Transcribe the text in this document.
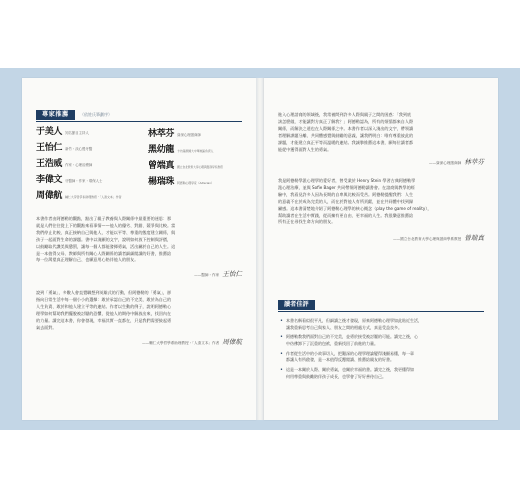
專家推薦	（依姓氏筆劃序）
于美人 知名節目主持人
王怡仁 新竹・淡心慢牙醫
王浩威 作家・心理治療師
李偉文 牙醫師・作家・環保人士
周偉航 輔仁大學哲學系助理教授・「人渣文本」作者
林萃芬 資深心理諮商師
黑幼龍 卡內基訓練大中華地區負責人
曾端真 國立台北教育大學心理與諮商學系教授
楊瑞珠 阿德勒心理學家（Adlerian）
本書作者由阿德勒的觀點，點出了親子教養與人際關係中最重要的迷思：那
就是人們往往從上下的觀點來看事情——他人的優劣、對錯、競爭與比較。當
我們停止比較，真正接納自己與他人，才能以平等、尊重的態度建立關係，與
孩子一起面對生命的課題。書中以淺顯的文字，說明如何放下控制與評價，
以鼓勵取代讚美與懲罰，讓每一個人都能發揮勇氣，活出屬於自己的人生。這
是一本值得父母、教師與所有關心人際關係的讀者細細閱讀的好書，推薦給
每一位渴望真正理解自己、也願意用心陪伴他人的朋友。
——醫師・作家 王怡仁
說到「勇氣」，多數人會直覺聯想到英雄式的行動，但阿德勒的「勇氣」，卻
指向日常生活中每一個小小的選擇：敢於承認自己的不完美、敢於為自己的
人生負責、敢於和他人建立平等的連結。作者以生動的例子，說明阿德勒心
理學如何幫助我們擺脫被討厭的恐懼，從他人的期待中解放出來，找回內在
的力量。讀完這本書，你會發現，幸福其實一直都在，只是我們需要鼓起勇
氣去面對。
——輔仁大學哲學系助理教授・「人渣文本」作者 周偉航
進入心理諮商的領域後，我常被問到許多人際與親子之間的困惑：「我到底
該怎麼做，才能讓對方真正了解我？」阿德勒認為，所有的煩惱都來自人際
關係，而解決之道也在人際關係之中。本書作者以深入淺出的文字，帶領讀
者理解課題分離、共同體感覺與鼓勵的意義，讓我們明白：唯有尊重彼此的
課題，才能建立真正平等而溫暖的連結。我誠摯推薦這本書，願每位讀者都
能從中獲得面對人生的勇氣。
——資深心理諮商師 林萃芬
我是阿德勒學派心理學的愛好者，曾受業於 Henry Stein 學習古典阿德勒學
派心理治療，並與 Sofie Bager 共同帶領阿德勒讀書會。在諮商與教學的經
驗中，我看見許多人因為長期的自卑與比較而受苦。阿德勒提醒我們：人生
的意義不在於成為完美的人，而在於對他人有所貢獻，並在共同體中找到歸
屬感。這本書清楚地介紹了阿德勒心理學的核心概念（play the game of reality），
幫助讀者在生活中實踐，從而擁有更自由、更幸福的人生。我很樂意推薦給
所有正在尋找生命方向的朋友。
——國立台北教育大學心理與諮商學系教授 曾端真
讀者佳評
• 本書名稱看似很平凡，但細讀之後才發現，原來阿德勒心理學如此貼近生活，
讓我重新思考自己與家人、朋友之間的相處方式，真是受益良多。
• 阿德勒教我們面對自己的不完美，並勇於接受被討厭的可能。讀完之後，心
中彷彿卸下了沉重的包袱，重新找回了前進的力量。
• 作者從生活中的小故事切入，把艱深的心理學理論變得淺顯易懂，每一章
都讓人有所啟發，是一本值得反覆閱讀、推薦給親友的好書。
• 這是一本關於人際、關於勇氣，也關於幸福的書。讀完之後，我更懂得如
何用尊重與鼓勵陪伴孩子成長，也學會了好好善待自己。
